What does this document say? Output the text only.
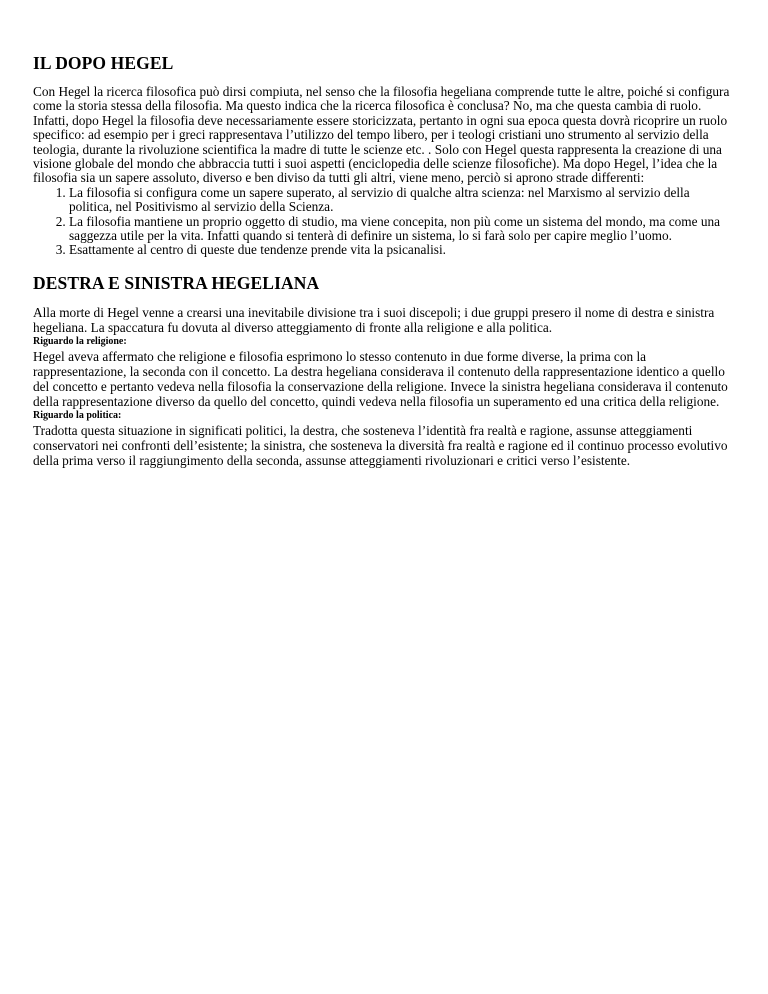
IL DOPO HEGEL

Con Hegel la ricerca filosofica può dirsi compiuta, nel senso che la filosofia hegeliana comprende tutte le altre, poiché si configura come la storia stessa della filosofia. Ma questo indica che la ricerca filosofica è conclusa? No, ma che questa cambia di ruolo. Infatti, dopo Hegel la filosofia deve necessariamente essere storicizzata, pertanto in ogni sua epoca questa dovrà ricoprire un ruolo specifico: ad esempio per i greci rappresentava l’utilizzo del tempo libero, per i teologi cristiani uno strumento al servizio della teologia, durante la rivoluzione scientifica la madre di tutte le scienze etc. . Solo con Hegel questa rappresenta la creazione di una visione globale del mondo che abbraccia tutti i suoi aspetti (enciclopedia delle scienze filosofiche). Ma dopo Hegel, l’idea che la filosofia sia un sapere assoluto, diverso e ben diviso da tutti gli altri, viene meno, perciò si aprono strade differenti:

1. La filosofia si configura come un sapere superato, al servizio di qualche altra scienza: nel Marxismo al servizio della politica, nel Positivismo al servizio della Scienza.
2. La filosofia mantiene un proprio oggetto di studio, ma viene concepita, non più come un sistema del mondo, ma come una saggezza utile per la vita. Infatti quando si tenterà di definire un sistema, lo si farà solo per capire meglio l’uomo.
3. Esattamente al centro di queste due tendenze prende vita la psicanalisi.
DESTRA E SINISTRA HEGELIANA

Alla morte di Hegel venne a crearsi una inevitabile divisione tra i suoi discepoli; i due gruppi presero il nome di destra e sinistra hegeliana. La spaccatura fu dovuta al diverso atteggiamento di fronte alla religione e alla politica.

Riguardo la religione:

Hegel aveva affermato che religione e filosofia esprimono lo stesso contenuto in due forme diverse, la prima con la rappresentazione, la seconda con il concetto. La destra hegeliana considerava il contenuto della rappresentazione identico a quello del concetto e pertanto vedeva nella filosofia la conservazione della religione. Invece la sinistra hegeliana considerava il contenuto della rappresentazione diverso da quello del concetto, quindi vedeva nella filosofia un superamento ed una critica della religione.

Riguardo la politica:

Tradotta questa situazione in significati politici, la destra, che sosteneva l’identità fra realtà e ragione, assunse atteggiamenti conservatori nei confronti dell’esistente; la sinistra, che sosteneva la diversità fra realtà e ragione ed il continuo processo evolutivo della prima verso il raggiungimento della seconda, assunse atteggiamenti rivoluzionari e critici verso l’esistente.
